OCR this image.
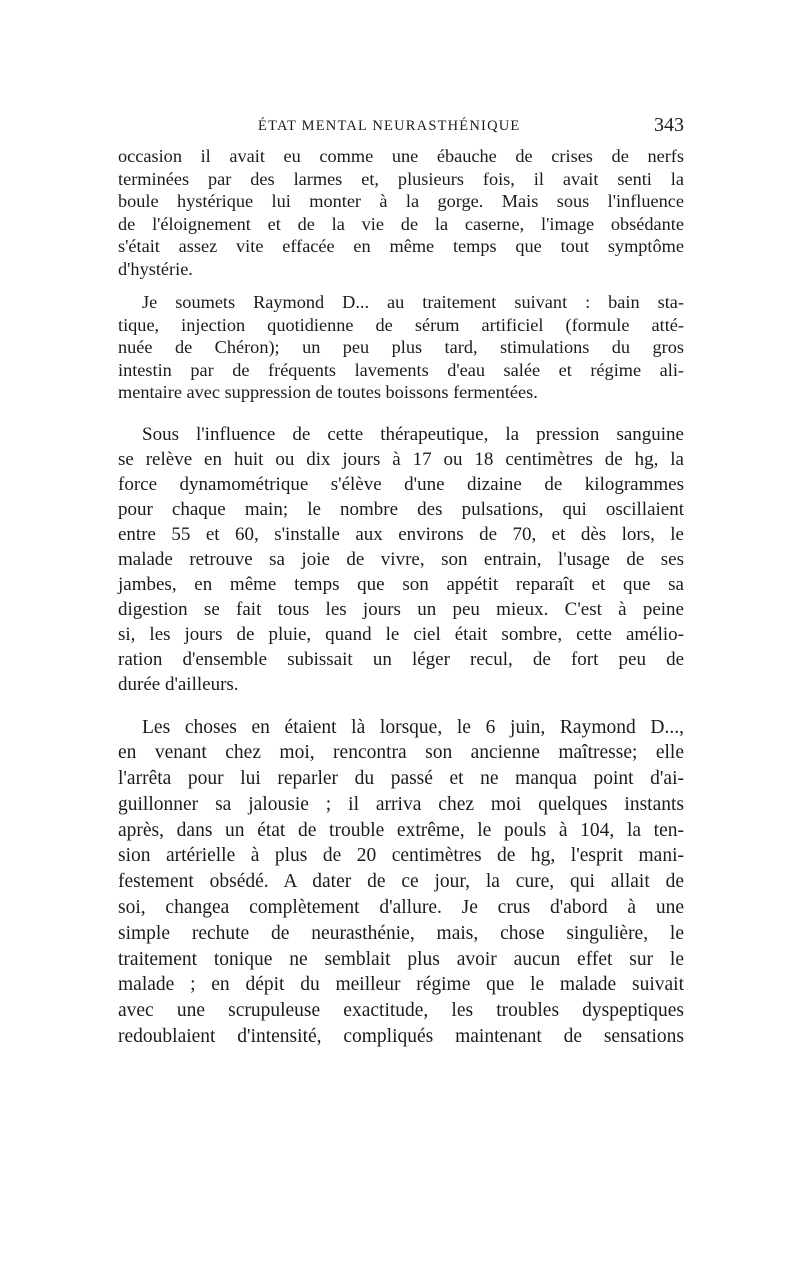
ÉTAT MENTAL NEURASTHÉNIQUE	343
occasion il avait eu comme une ébauche de crises de nerfs
terminées par des larmes et, plusieurs fois, il avait senti la
boule hystérique lui monter à la gorge. Mais sous l'influence
de l'éloignement et de la vie de la caserne, l'image obsédante
s'était assez vite effacée en même temps que tout symptôme
d'hystérie.
Je soumets Raymond D... au traitement suivant : bain sta-
tique, injection quotidienne de sérum artificiel (formule atté-
nuée de Chéron); un peu plus tard, stimulations du gros
intestin par de fréquents lavements d'eau salée et régime ali-
mentaire avec suppression de toutes boissons fermentées.
Sous l'influence de cette thérapeutique, la pression sanguine
se relève en huit ou dix jours à 17 ou 18 centimètres de hg, la
force dynamométrique s'élève d'une dizaine de kilogrammes
pour chaque main; le nombre des pulsations, qui oscillaient
entre 55 et 60, s'installe aux environs de 70, et dès lors, le
malade retrouve sa joie de vivre, son entrain, l'usage de ses
jambes, en même temps que son appétit reparaît et que sa
digestion se fait tous les jours un peu mieux. C'est à peine
si, les jours de pluie, quand le ciel était sombre, cette amélio-
ration d'ensemble subissait un léger recul, de fort peu de
durée d'ailleurs.
Les choses en étaient là lorsque, le 6 juin, Raymond D...,
en venant chez moi, rencontra son ancienne maîtresse; elle
l'arrêta pour lui reparler du passé et ne manqua point d'ai-
guillonner sa jalousie ; il arriva chez moi quelques instants
après, dans un état de trouble extrême, le pouls à 104, la ten-
sion artérielle à plus de 20 centimètres de hg, l'esprit mani-
festement obsédé. A dater de ce jour, la cure, qui allait de
soi, changea complètement d'allure. Je crus d'abord à une
simple rechute de neurasthénie, mais, chose singulière, le
traitement tonique ne semblait plus avoir aucun effet sur le
malade ; en dépit du meilleur régime que le malade suivait
avec une scrupuleuse exactitude, les troubles dyspeptiques
redoublaient d'intensité, compliqués maintenant de sensations
